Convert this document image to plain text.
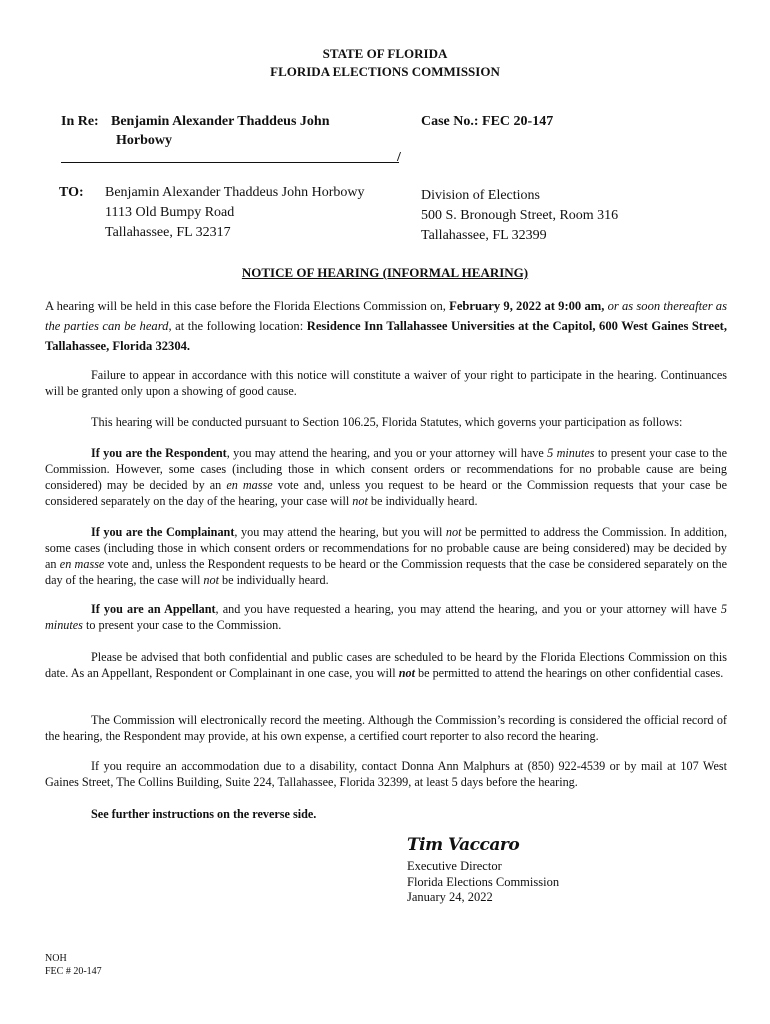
STATE OF FLORIDA
FLORIDA ELECTIONS COMMISSION
In Re: Benjamin Alexander Thaddeus John
Horbowy
/
Case No.: FEC 20-147
TO: Benjamin Alexander Thaddeus John Horbowy
1113 Old Bumpy Road
Tallahassee, FL 32317
Division of Elections
500 S. Bronough Street, Room 316
Tallahassee, FL 32399
NOTICE OF HEARING (INFORMAL HEARING)

A hearing will be held in this case before the Florida Elections Commission on, February 9, 2022 at 9:00 am, or as soon thereafter as the parties can be heard, at the following location: Residence Inn Tallahassee Universities at the Capitol, 600 West Gaines Street, Tallahassee, Florida 32304.

Failure to appear in accordance with this notice will constitute a waiver of your right to participate in the hearing. Continuances will be granted only upon a showing of good cause.

This hearing will be conducted pursuant to Section 106.25, Florida Statutes, which governs your participation as follows:

If you are the Respondent, you may attend the hearing, and you or your attorney will have 5 minutes to present your case to the Commission. However, some cases (including those in which consent orders or recommendations for no probable cause are being considered) may be decided by an en masse vote and, unless you request to be heard or the Commission requests that your case be considered separately on the day of the hearing, your case will not be individually heard.

If you are the Complainant, you may attend the hearing, but you will not be permitted to address the Commission. In addition, some cases (including those in which consent orders or recommendations for no probable cause are being considered) may be decided by an en masse vote and, unless the Respondent requests to be heard or the Commission requests that the case be considered separately on the day of the hearing, the case will not be individually heard.

If you are an Appellant, and you have requested a hearing, you may attend the hearing, and you or your attorney will have 5 minutes to present your case to the Commission.

Please be advised that both confidential and public cases are scheduled to be heard by the Florida Elections Commission on this date. As an Appellant, Respondent or Complainant in one case, you will not be permitted to attend the hearings on other confidential cases.

The Commission will electronically record the meeting. Although the Commission’s recording is considered the official record of the hearing, the Respondent may provide, at his own expense, a certified court reporter to also record the hearing.

If you require an accommodation due to a disability, contact Donna Ann Malphurs at (850) 922-4539 or by mail at 107 West Gaines Street, The Collins Building, Suite 224, Tallahassee, Florida 32399, at least 5 days before the hearing.

See further instructions on the reverse side.

Tim Vaccaro
Executive Director
Florida Elections Commission
January 24, 2022
NOH
FEC # 20-147
